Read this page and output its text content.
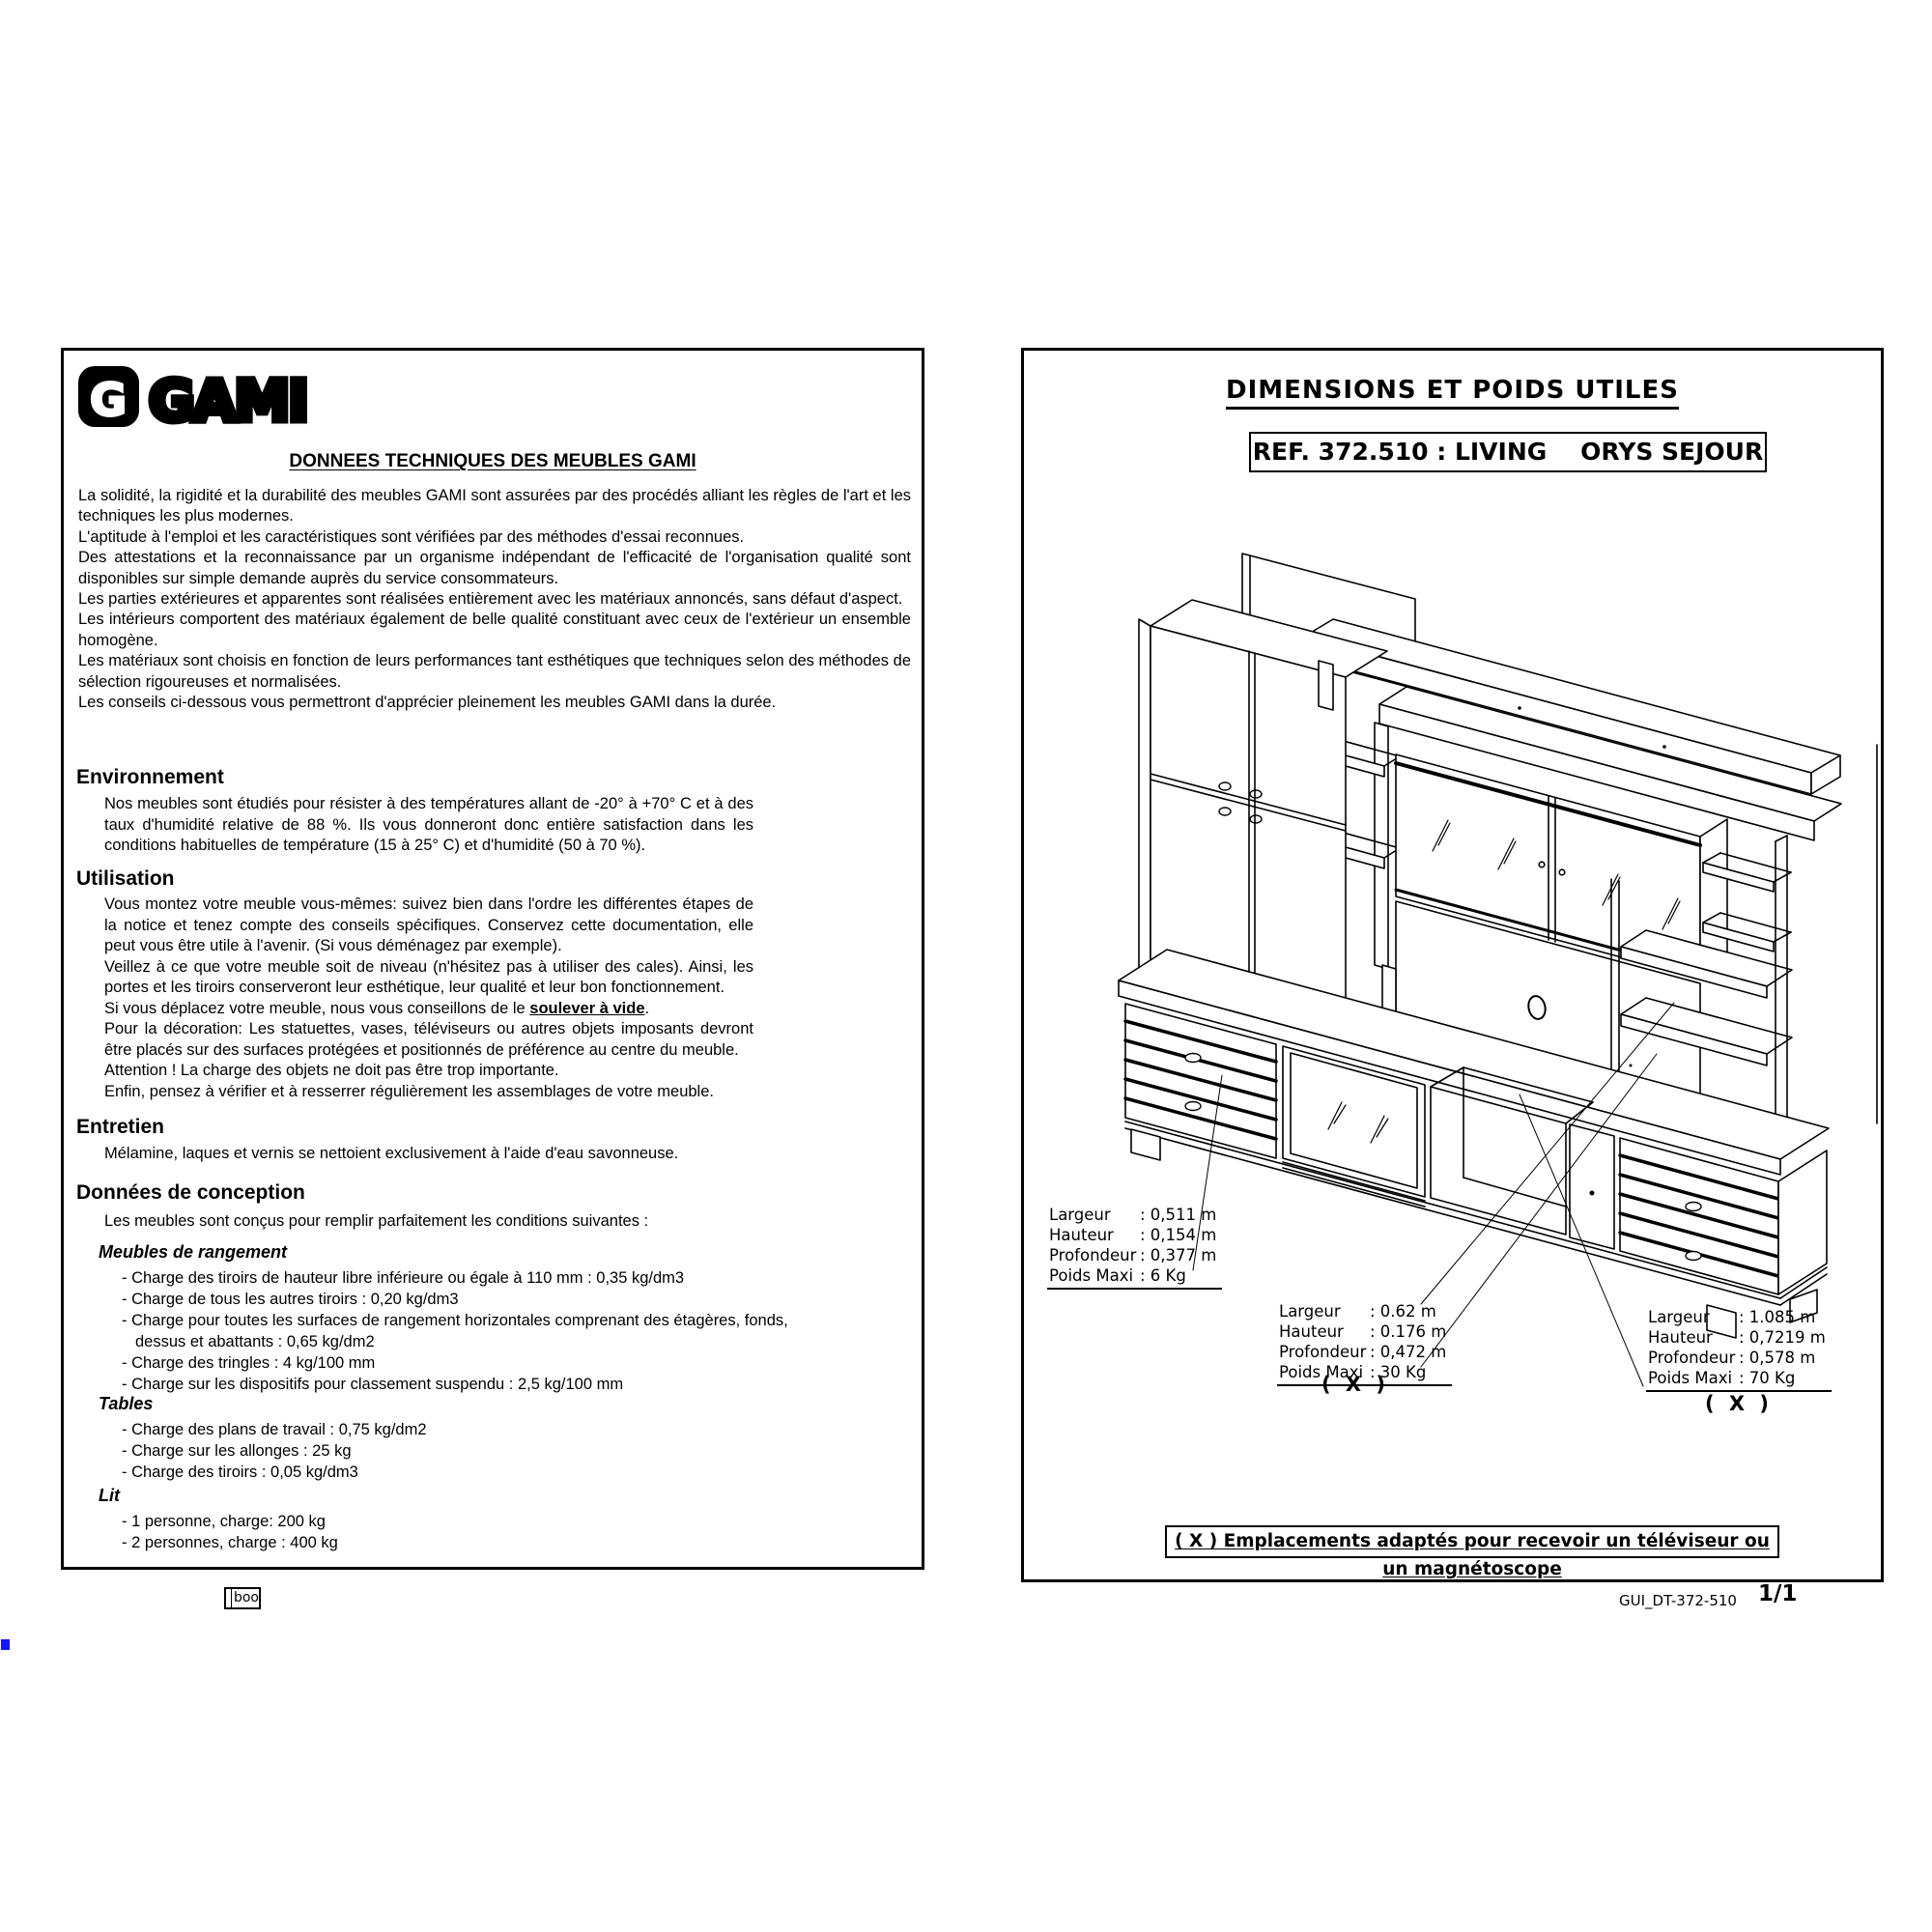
G GAMI
DONNEES TECHNIQUES DES MEUBLES GAMI

La solidité, la rigidité et la durabilité des meubles GAMI sont assurées par des procédés alliant les règles de l'art et les techniques les plus modernes.

L'aptitude à l'emploi et les caractéristiques sont vérifiées par des méthodes d'essai reconnues.

Des attestations et la reconnaissance par un organisme indépendant de l'efficacité de l'organisation qualité sont disponibles sur simple demande auprès du service consommateurs.

Les parties extérieures et apparentes sont réalisées entièrement avec les matériaux annoncés, sans défaut d'aspect.

Les intérieurs comportent des matériaux également de belle qualité constituant avec ceux de l'extérieur un ensemble homogène.

Les matériaux sont choisis en fonction de leurs performances tant esthétiques que techniques selon des méthodes de sélection rigoureuses et normalisées.

Les conseils ci-dessous vous permettront d'apprécier pleinement les meubles GAMI dans la durée.

Environnement
Nos meubles sont étudiés pour résister à des températures allant de -20° à +70° C et à des taux d'humidité relative de 88 %. Ils vous donneront donc entière satisfaction dans les conditions habituelles de température (15 à 25° C) et d'humidité (50 à 70 %).
Utilisation

Vous montez votre meuble vous-mêmes: suivez bien dans l'ordre les différentes étapes de la notice et tenez compte des conseils spécifiques. Conservez cette documentation, elle peut vous être utile à l'avenir. (Si vous déménagez par exemple).

Veillez à ce que votre meuble soit de niveau (n'hésitez pas à utiliser des cales). Ainsi, les portes et les tiroirs conserveront leur esthétique, leur qualité et leur bon fonctionnement.

Si vous déplacez votre meuble, nous vous conseillons de le soulever à vide.

Pour la décoration: Les statuettes, vases, téléviseurs ou autres objets imposants devront être placés sur des surfaces protégées et positionnés de préférence au centre du meuble.

Attention ! La charge des objets ne doit pas être trop importante.

Enfin, pensez à vérifier et à resserrer régulièrement les assemblages de votre meuble.

Entretien
Mélamine, laques et vernis se nettoient exclusivement à l'aide d'eau savonneuse.
Données de conception
Les meubles sont conçus pour remplir parfaitement les conditions suivantes :
Meubles de rangement
- Charge des tiroirs de hauteur libre inférieure ou égale à 110 mm : 0,35 kg/dm3
- Charge de tous les autres tiroirs : 0,20 kg/dm3
- Charge pour toutes les surfaces de rangement horizontales comprenant des étagères, fonds, dessus et abattants : 0,65 kg/dm2
- Charge des tringles : 4 kg/100 mm
- Charge sur les dispositifs pour classement suspendu : 2,5 kg/100 mm
Tables
- Charge des plans de travail : 0,75 kg/dm2
- Charge sur les allonges : 25 kg
- Charge des tiroirs : 0,05 kg/dm3
Lit
- 1 personne, charge: 200 kg
- 2 personnes, charge : 400 kg
DIMENSIONS ET POIDS UTILES
REF. 372.510 : LIVING    ORYS SEJOUR
Largeur : 0,511 m
Hauteur : 0,154 m
Profondeur : 0,377 m
Poids Maxi : 6 Kg
Largeur : 0.62 m
Hauteur : 0.176 m
Profondeur : 0,472 m
Poids Maxi : 30 Kg
Largeur : 1.085 m
Hauteur : 0,7219 m
Profondeur : 0,578 m
Poids Maxi : 70 Kg
( X )
( X )
( X ) Emplacements adaptés pour recevoir un téléviseur ou un magnétoscope
GUI_DT-372-510 1/1
boo
